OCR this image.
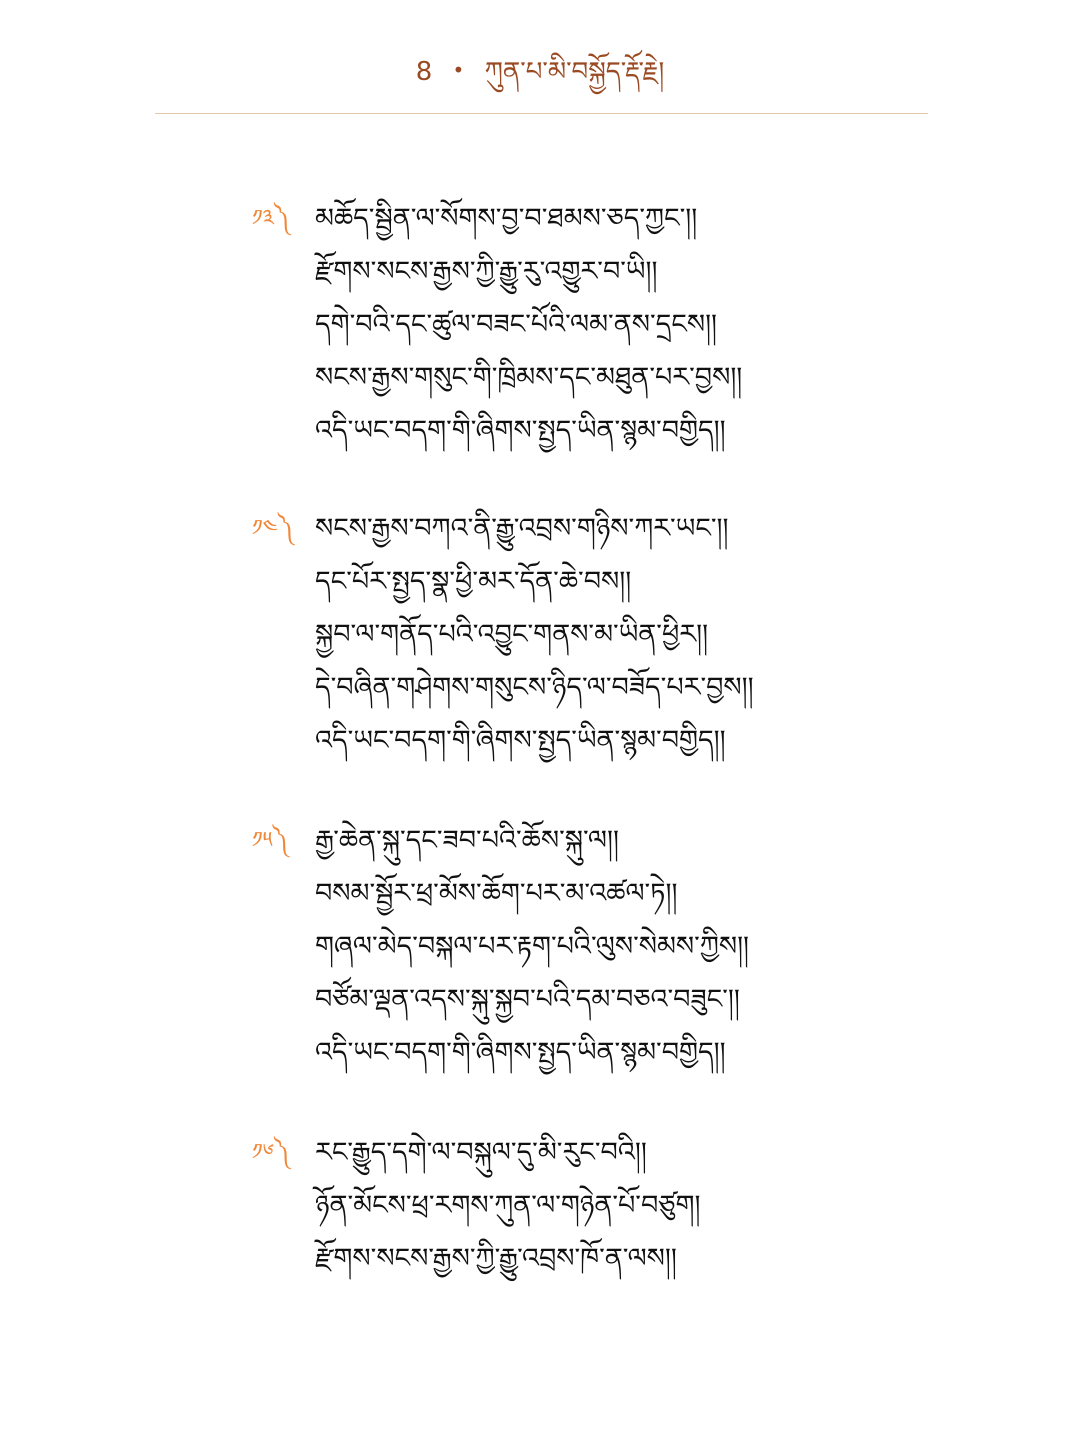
8 • ཀུན་པ་མི་བསྐྱོད་རྡོ་རྗེ།
༡༣༽ མཆོད་སྦྱིན་ལ་སོགས་བྱ་བ་ཐམས་ཅད་ཀྱང་།།
རྫོགས་སངས་རྒྱས་ཀྱི་རྒྱུ་རུ་འགྱུར་བ་ཡི།།
དགེ་བའི་དང་ཚུལ་བཟང་པོའི་ལམ་ནས་དྲངས།།
སངས་རྒྱས་གསུང་གི་ཁྲིམས་དང་མཐུན་པར་བྱས།།
འདི་ཡང་བདག་གི་ཞིགས་སྤྱད་ཡིན་སྙམ་བགྱིད།།
༡༤༽ སངས་རྒྱས་བཀའ་ནི་རྒྱུ་འབྲས་གཉིས་ཀར་ཡང་།།
དང་པོར་སྤྱད་སྣ་ཕྱི་མར་དོན་ཆེ་བས།།
སྐྱབ་ལ་གནོད་པའི་འབྱུང་གནས་མ་ཡིན་ཕྱིར།།
དེ་བཞིན་གཤེགས་གསུངས་ཉིད་ལ་བཟོད་པར་བྱས།།
འདི་ཡང་བདག་གི་ཞིགས་སྤྱད་ཡིན་སྙམ་བགྱིད།།
༡༥༽ རྒྱ་ཆེན་སྐུ་དང་ཟབ་པའི་ཆོས་སྐུ་ལ།།
བསམ་སྦྱོར་ཕྲ་མོས་ཆོག་པར་མ་འཚལ་ཏེ།།
གཞལ་མེད་བསྐལ་པར་རྟག་པའི་ལུས་སེམས་ཀྱིས།།
བཙོམ་ལྡན་འདས་སྐུ་སྐྱབ་པའི་དམ་བཅའ་བཟུང་།།
འདི་ཡང་བདག་གི་ཞིགས་སྤྱད་ཡིན་སྙམ་བགྱིད།།
༡༦༽ རང་རྒྱུད་དགེ་ལ་བསྐུལ་དུ་མི་རུང་བའི།།
ཉོན་མོངས་ཕྲ་རགས་ཀུན་ལ་གཉེན་པོ་བཙུག།
རྫོགས་སངས་རྒྱས་ཀྱི་རྒྱུ་འབྲས་ཁོ་ན་ལས།།
